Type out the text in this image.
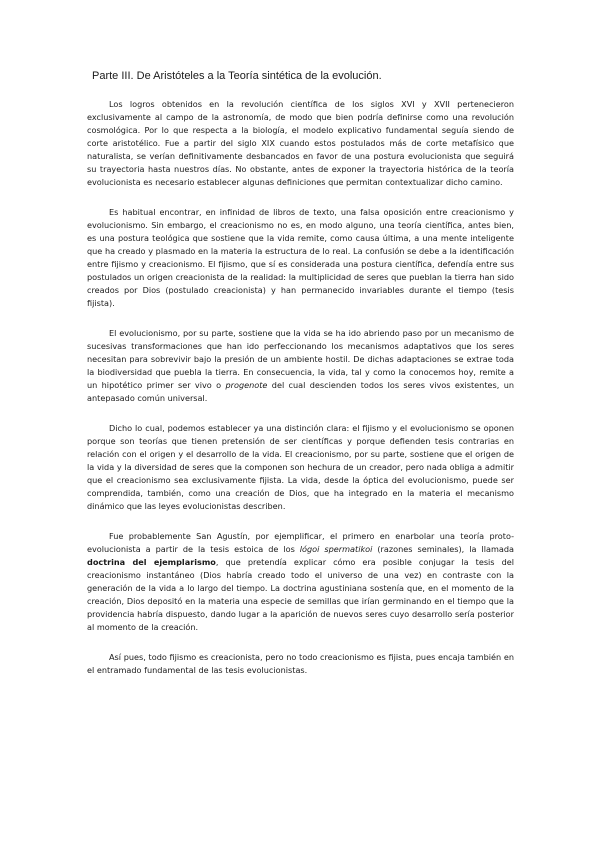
Parte III. De Aristóteles a la Teoría sintética de la evolución.

Los logros obtenidos en la revolución científica de los siglos XVI y XVII pertenecieron exclusivamente al campo de la astronomía, de modo que bien podría definirse como una revolución cosmológica. Por lo que respecta a la biología, el modelo explicativo fundamental seguía siendo de corte aristotélico. Fue a partir del siglo XIX cuando estos postulados más de corte metafísico que naturalista, se verían definitivamente desbancados en favor de una postura evolucionista que seguirá su trayectoria hasta nuestros días. No obstante, antes de exponer la trayectoria histórica de la teoría evolucionista es necesario establecer algunas definiciones que permitan contextualizar dicho camino.

Es habitual encontrar, en infinidad de libros de texto, una falsa oposición entre creacionismo y evolucionismo. Sin embargo, el creacionismo no es, en modo alguno, una teoría científica, antes bien, es una postura teológica que sostiene que la vida remite, como causa última, a una mente inteligente que ha creado y plasmado en la materia la estructura de lo real. La confusión se debe a la identificación entre fijismo y creacionismo. El fijismo, que sí es considerada una postura científica, defendía entre sus postulados un origen creacionista de la realidad: la multiplicidad de seres que pueblan la tierra han sido creados por Dios (postulado creacionista) y han permanecido invariables durante el tiempo (tesis fijista).

El evolucionismo, por su parte, sostiene que la vida se ha ido abriendo paso por un mecanismo de sucesivas transformaciones que han ido perfeccionando los mecanismos adaptativos que los seres necesitan para sobrevivir bajo la presión de un ambiente hostil. De dichas adaptaciones se extrae toda la biodiversidad que puebla la tierra. En consecuencia, la vida, tal y como la conocemos hoy, remite a un hipotético primer ser vivo o progenote del cual descienden todos los seres vivos existentes, un antepasado común universal.

Dicho lo cual, podemos establecer ya una distinción clara: el fijismo y el evolucionismo se oponen porque son teorías que tienen pretensión de ser científicas y porque defienden tesis contrarias en relación con el origen y el desarrollo de la vida. El creacionismo, por su parte, sostiene que el origen de la vida y la diversidad de seres que la componen son hechura de un creador, pero nada obliga a admitir que el creacionismo sea exclusivamente fijista. La vida, desde la óptica del evolucionismo, puede ser comprendida, también, como una creación de Dios, que ha integrado en la materia el mecanismo dinámico que las leyes evolucionistas describen.

Fue probablemente San Agustín, por ejemplificar, el primero en enarbolar una teoría proto-evolucionista a partir de la tesis estoica de los lógoi spermatikoi (razones seminales), la llamada doctrina del ejemplarismo, que pretendía explicar cómo era posible conjugar la tesis del creacionismo instantáneo (Dios habría creado todo el universo de una vez) en contraste con la generación de la vida a lo largo del tiempo. La doctrina agustiniana sostenía que, en el momento de la creación, Dios depositó en la materia una especie de semillas que irían germinando en el tiempo que la providencia habría dispuesto, dando lugar a la aparición de nuevos seres cuyo desarrollo sería posterior al momento de la creación.

Así pues, todo fijismo es creacionista, pero no todo creacionismo es fijista, pues encaja también en el entramado fundamental de las tesis evolucionistas.
